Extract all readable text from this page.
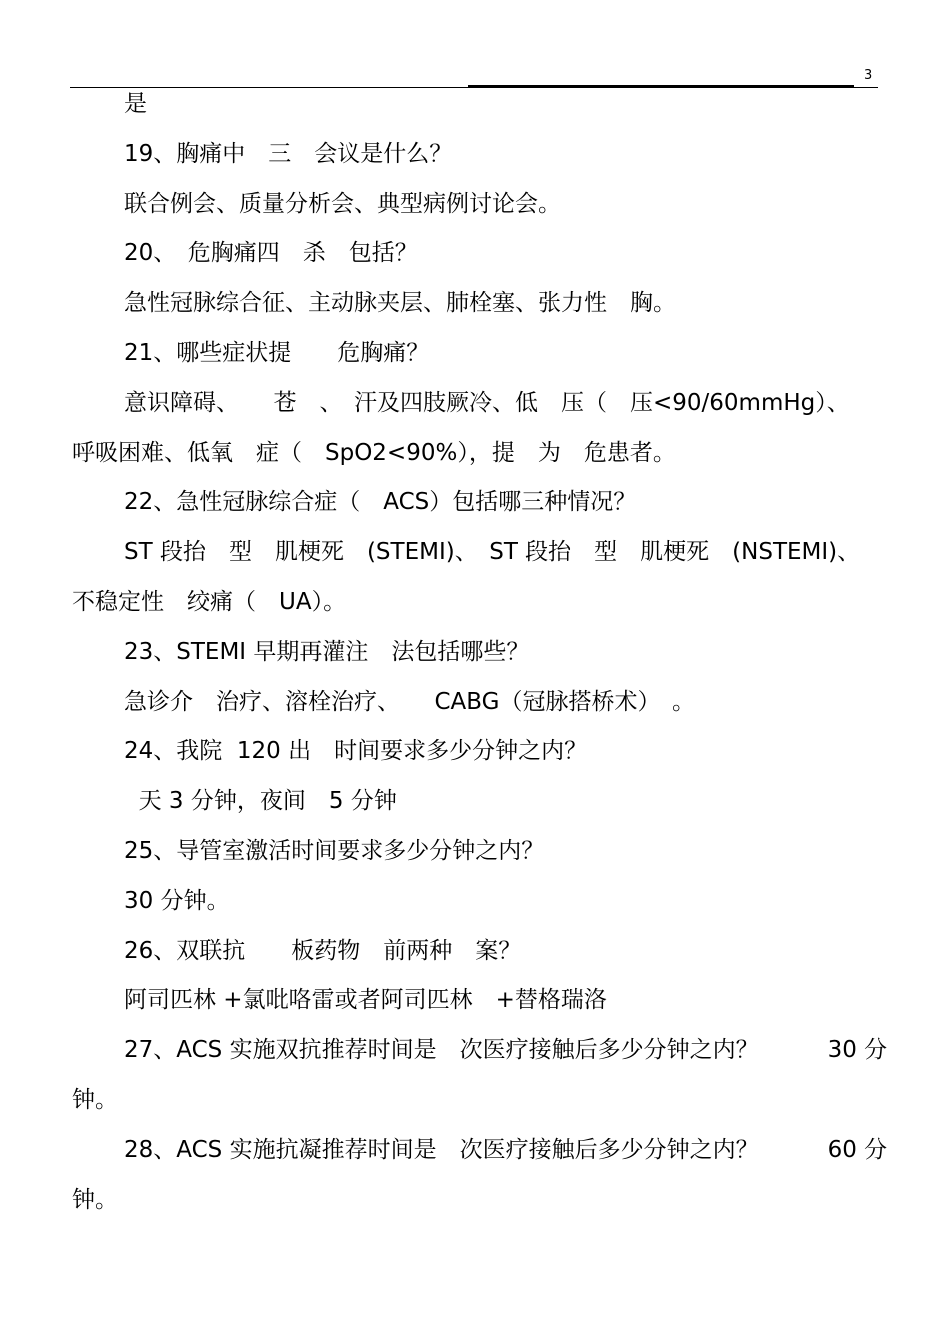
3

是

19、胸痛中　三　会议是什么？

联合例会、质量分析会、典型病例讨论会。

20、　危胸痛四　杀　包括？

急性冠脉综合征、主动脉夹层、肺栓塞、张力性　胸。

21、哪些症状提　　危胸痛？

意识障碍、　　苍　、　汗及四肢厥冷、低　压（　压<90/60mmHg）、

呼吸困难、低氧　症（　SpO2<90%），提　为　危患者。

22、急性冠脉综合症（　ACS）包括哪三种情况？

ST 段抬　型　肌梗死　(STEMI)、　ST 段抬　型　肌梗死　(NSTEMI)、

不稳定性　绞痛（　UA）。

23、STEMI 早期再灌注　法包括哪些？

急诊介　治疗、溶栓治疗、　　CABG（冠脉搭桥术）　。

24、我院  120 出　时间要求多少分钟之内？

天 3 分钟，夜间　5 分钟

25、导管室激活时间要求多少分钟之内？

30 分钟。

26、双联抗　　板药物　前两种　案？

阿司匹林 +氯吡咯雷或者阿司匹林　+替格瑞洛

27、ACS 实施双抗推荐时间是　次医疗接触后多少分钟之内？　　　30 分

钟。

28、ACS 实施抗凝推荐时间是　次医疗接触后多少分钟之内？　　　60 分

钟。
